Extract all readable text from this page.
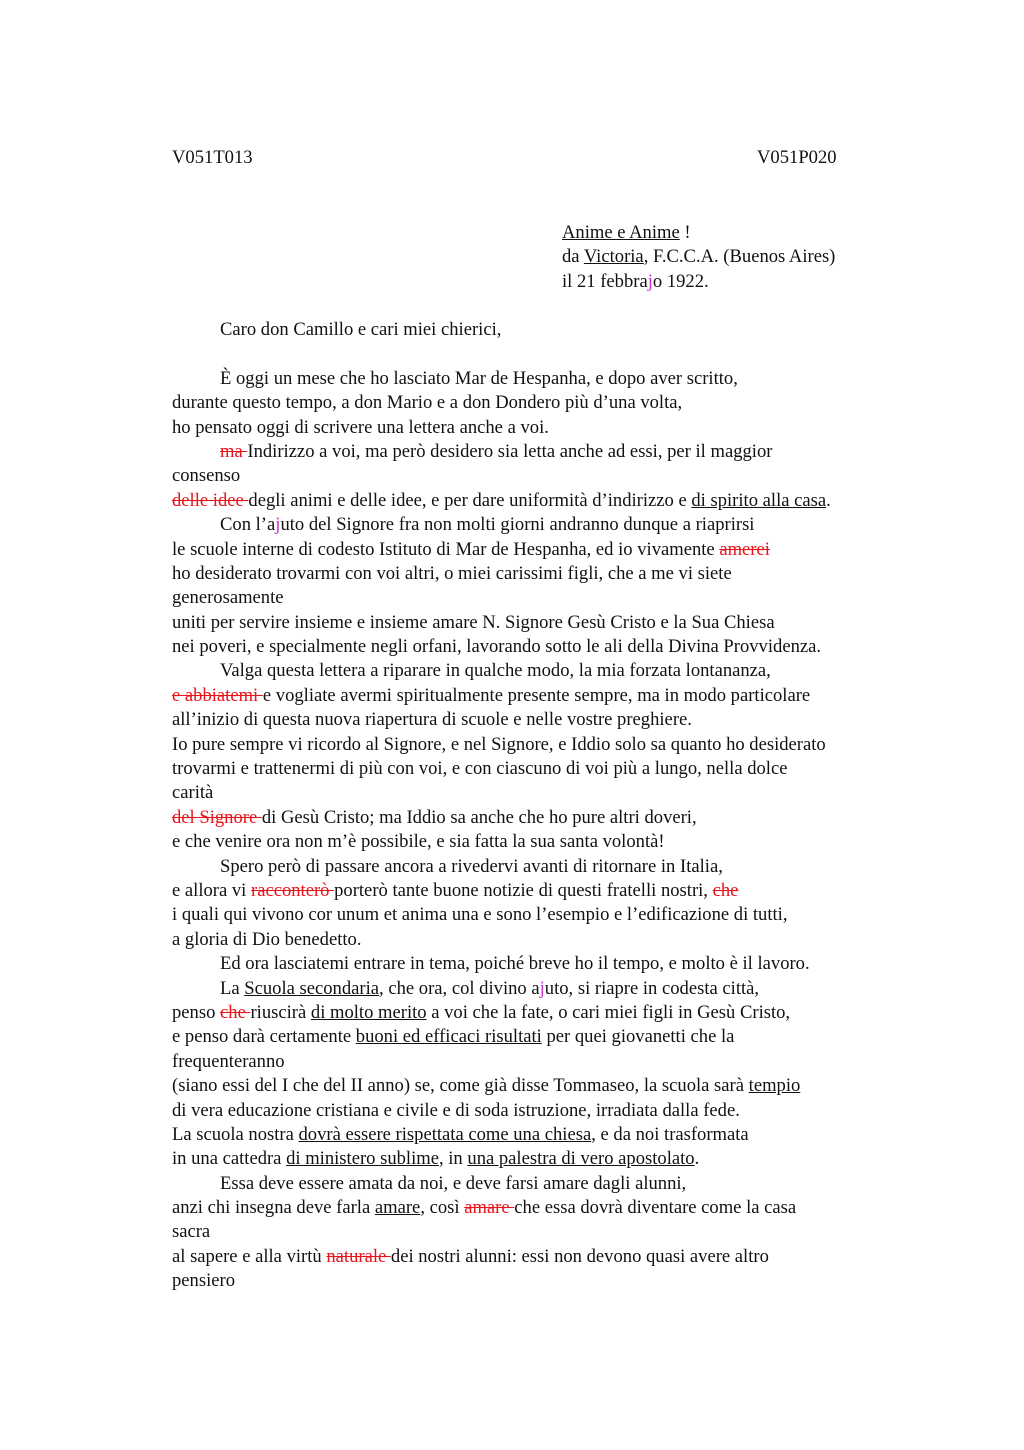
V051T013	V051P020
Anime e Anime !
da Victoria, F.C.C.A. (Buenos Aires)
il 21 febbrajo 1922.
Caro don Camillo e cari miei chierici,
È oggi un mese che ho lasciato Mar de Hespanha, e dopo aver scritto,
durante questo tempo, a don Mario e a don Dondero più d’una volta,
ho pensato oggi di scrivere una lettera anche a voi.
ma Indirizzo a voi, ma però desidero sia letta anche ad essi, per il maggior
consenso
delle idee degli animi e delle idee, e per dare uniformità d’indirizzo e di spirito alla casa.
Con l’ajuto del Signore fra non molti giorni andranno dunque a riaprirsi
le scuole interne di codesto Istituto di Mar de Hespanha, ed io vivamente amerei
ho desiderato trovarmi con voi altri, o miei carissimi figli, che a me vi siete
generosamente
uniti per servire insieme e insieme amare N. Signore Gesù Cristo e la Sua Chiesa
nei poveri, e specialmente negli orfani, lavorando sotto le ali della Divina Provvidenza.
Valga questa lettera a riparare in qualche modo, la mia forzata lontananza,
e abbiatemi e vogliate avermi spiritualmente presente sempre, ma in modo particolare
all’inizio di questa nuova riapertura di scuole e nelle vostre preghiere.
Io pure sempre vi ricordo al Signore, e nel Signore, e Iddio solo sa quanto ho desiderato
trovarmi e trattenermi di più con voi, e con ciascuno di voi più a lungo, nella dolce
carità
del Signore di Gesù Cristo; ma Iddio sa anche che ho pure altri doveri,
e che venire ora non m’è possibile, e sia fatta la sua santa volontà!
Spero però di passare ancora a rivedervi avanti di ritornare in Italia,
e allora vi racconterò porterò tante buone notizie di questi fratelli nostri, che
i quali qui vivono cor unum et anima una e sono l’esempio e l’edificazione di tutti,
a gloria di Dio benedetto.
Ed ora lasciatemi entrare in tema, poiché breve ho il tempo, e molto è il lavoro.
La Scuola secondaria, che ora, col divino ajuto, si riapre in codesta città,
penso che riuscirà di molto merito a voi che la fate, o cari miei figli in Gesù Cristo,
e penso darà certamente buoni ed efficaci risultati per quei giovanetti che la
frequenteranno
(siano essi del I che del II anno) se, come già disse Tommaseo, la scuola sarà tempio
di vera educazione cristiana e civile e di soda istruzione, irradiata dalla fede.
La scuola nostra dovrà essere rispettata come una chiesa, e da noi trasformata
in una cattedra di ministero sublime, in una palestra di vero apostolato.
Essa deve essere amata da noi, e deve farsi amare dagli alunni,
anzi chi insegna deve farla amare, così amare che essa dovrà diventare come la casa
sacra
al sapere e alla virtù naturale dei nostri alunni: essi non devono quasi avere altro
pensiero
